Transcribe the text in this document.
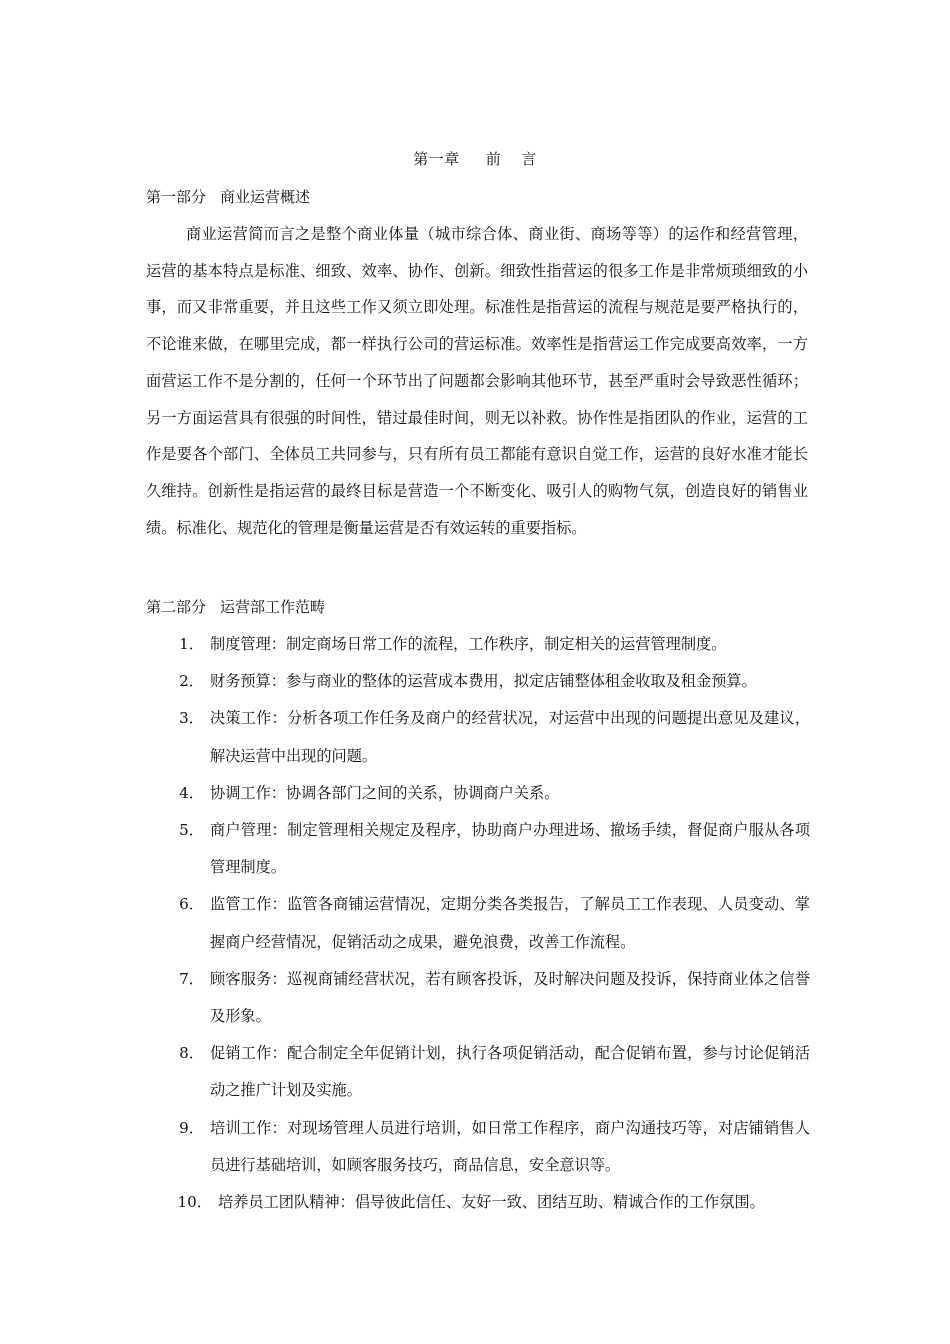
第一章 前 言
第一部分 商业运营概述

商业运营简而言之是整个商业体量（城市综合体、商业街、商场等等）的运作和经营管理，运营的基本特点是标准、细致、效率、协作、创新。细致性指营运的很多工作是非常烦琐细致的小事，而又非常重要，并且这些工作又须立即处理。标准性是指营运的流程与规范是要严格执行的，不论谁来做，在哪里完成，都一样执行公司的营运标准。效率性是指营运工作完成要高效率，一方面营运工作不是分割的，任何一个环节出了问题都会影响其他环节，甚至严重时会导致恶性循环；另一方面运营具有很强的时间性，错过最佳时间，则无以补救。协作性是指团队的作业，运营的工作是要各个部门、全体员工共同参与，只有所有员工都能有意识自觉工作，运营的良好水准才能长久维持。创新性是指运营的最终目标是营造一个不断变化、吸引人的购物气氛，创造良好的销售业绩。标准化、规范化的管理是衡量运营是否有效运转的重要指标。

第二部分 运营部工作范畴
1． 制度管理：制定商场日常工作的流程，工作秩序，制定相关的运营管理制度。
2． 财务预算：参与商业的整体的运营成本费用，拟定店铺整体租金收取及租金预算。
3． 决策工作：分析各项工作任务及商户的经营状况，对运营中出现的问题提出意见及建议，解决运营中出现的问题。
4． 协调工作：协调各部门之间的关系，协调商户关系。
5． 商户管理：制定管理相关规定及程序，协助商户办理进场、撤场手续，督促商户服从各项管理制度。
6． 监管工作：监管各商铺运营情况，定期分类各类报告，了解员工工作表现、人员变动、掌握商户经营情况，促销活动之成果，避免浪费，改善工作流程。
7． 顾客服务：巡视商铺经营状况，若有顾客投诉，及时解决问题及投诉，保持商业体之信誉及形象。
8． 促销工作：配合制定全年促销计划，执行各项促销活动，配合促销布置，参与讨论促销活动之推广计划及实施。
9． 培训工作：对现场管理人员进行培训，如日常工作程序，商户沟通技巧等，对店铺销售人员进行基础培训，如顾客服务技巧，商品信息，安全意识等。
10． 培养员工团队精神：倡导彼此信任、友好一致、团结互助、精诚合作的工作氛围。
